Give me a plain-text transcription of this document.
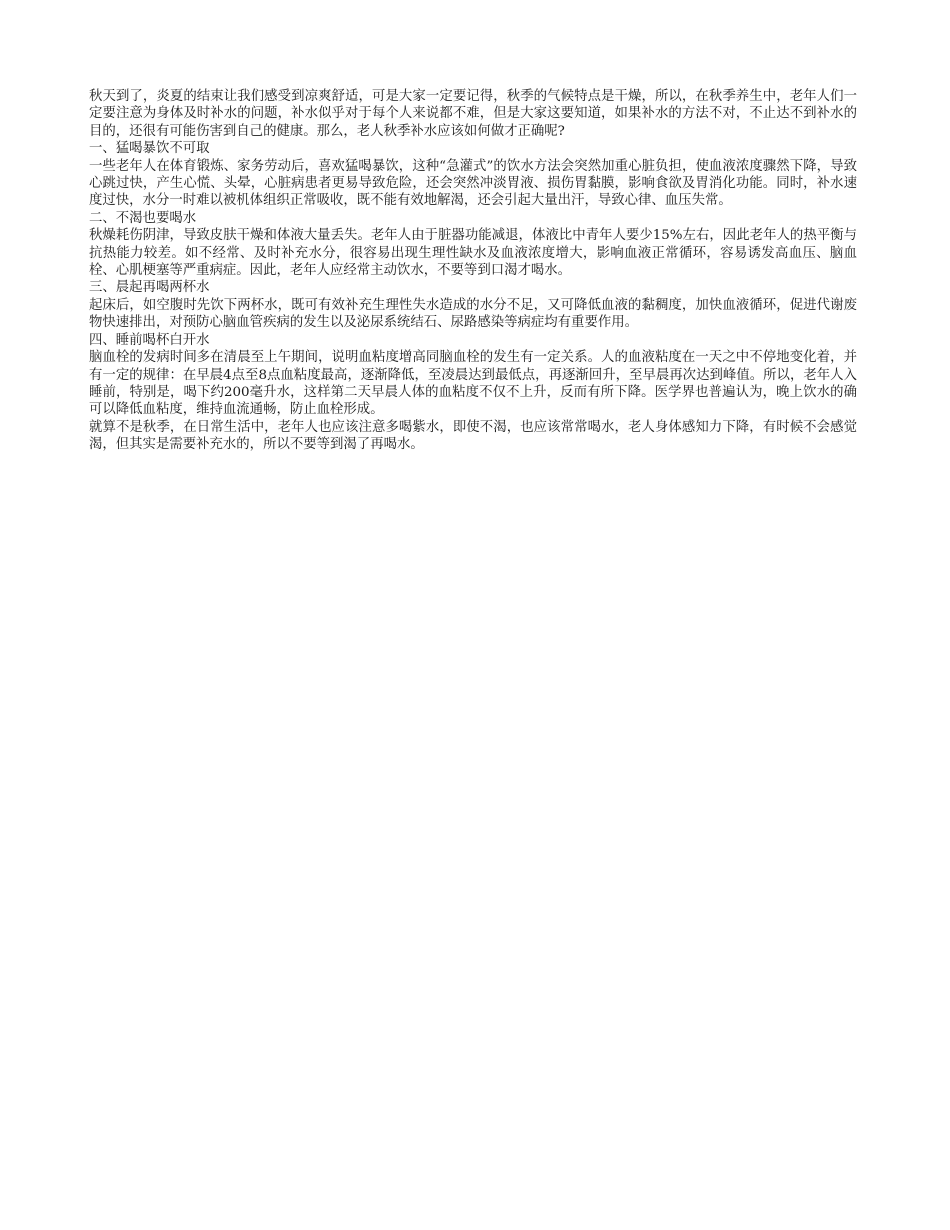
秋天到了，炎夏的结束让我们感受到凉爽舒适，可是大家一定要记得，秋季的气候特点是干燥，所以，在秋季养生中，老年人们一定要注意为身体及时补水的问题，补水似乎对于每个人来说都不难，但是大家这要知道，如果补水的方法不对，不止达不到补水的目的，还很有可能伤害到自己的健康。那么，老人秋季补水应该如何做才正确呢?

一、猛喝暴饮不可取

一些老年人在体育锻炼、家务劳动后，喜欢猛喝暴饮，这种“急灌式”的饮水方法会突然加重心脏负担，使血液浓度骤然下降，导致心跳过快，产生心慌、头晕，心脏病患者更易导致危险，还会突然冲淡胃液、损伤胃黏膜，影响食欲及胃消化功能。同时，补水速度过快，水分一时难以被机体组织正常吸收，既不能有效地解渴，还会引起大量出汗，导致心律、血压失常。

二、不渴也要喝水

秋燥耗伤阴津，导致皮肤干燥和体液大量丢失。老年人由于脏器功能减退，体液比中青年人要少15%左右，因此老年人的热平衡与抗热能力较差。如不经常、及时补充水分，很容易出现生理性缺水及血液浓度增大，影响血液正常循环，容易诱发高血压、脑血栓、心肌梗塞等严重病症。因此，老年人应经常主动饮水，不要等到口渴才喝水。

三、晨起再喝两杯水

起床后，如空腹时先饮下两杯水，既可有效补充生理性失水造成的水分不足，又可降低血液的黏稠度，加快血液循环，促进代谢废物快速排出，对预防心脑血管疾病的发生以及泌尿系统结石、尿路感染等病症均有重要作用。

四、睡前喝杯白开水

脑血栓的发病时间多在清晨至上午期间，说明血粘度增高同脑血栓的发生有一定关系。人的血液粘度在一天之中不停地变化着，并有一定的规律：在早晨4点至8点血粘度最高，逐渐降低，至凌晨达到最低点，再逐渐回升，至早晨再次达到峰值。所以，老年人入睡前，特别是，喝下约200毫升水，这样第二天早晨人体的血粘度不仅不上升，反而有所下降。医学界也普遍认为，晚上饮水的确可以降低血粘度，维持血流通畅，防止血栓形成。

就算不是秋季，在日常生活中，老年人也应该注意多喝紫水，即使不渴，也应该常常喝水，老人身体感知力下降，有时候不会感觉渴，但其实是需要补充水的，所以不要等到渴了再喝水。
